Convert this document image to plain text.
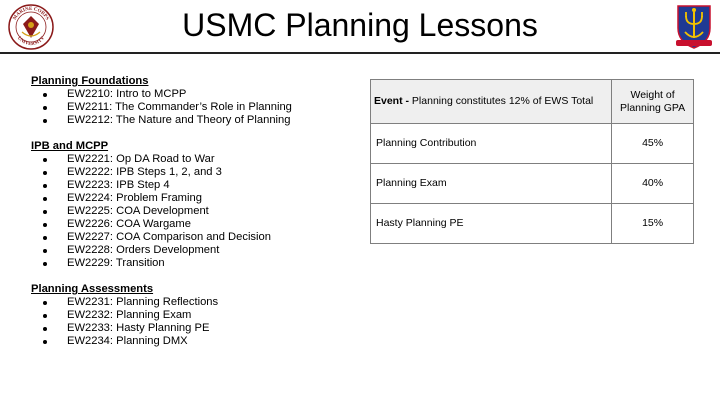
MARINE CORPS
UNIVERSITY	USMC Planning Lessons
Planning Foundations
EW2210: Intro to MCPP
EW2211: The Commander’s Role in Planning
EW2212: The Nature and Theory of Planning
IPB and MCPP
EW2221: Op DA Road to War
EW2222: IPB Steps 1, 2, and 3
EW2223: IPB Step 4
EW2224: Problem Framing
EW2225: COA Development
EW2226: COA Wargame
EW2227: COA Comparison and Decision
EW2228: Orders Development
EW2229: Transition
Planning Assessments
EW2231: Planning Reflections
EW2232: Planning Exam
EW2233: Hasty Planning PE
EW2234: Planning DMX
Event - Planning constitutes 12% of EWS Total	Weight of Planning GPA
Planning Contribution	45%
Planning Exam	40%
Hasty Planning PE	15%
